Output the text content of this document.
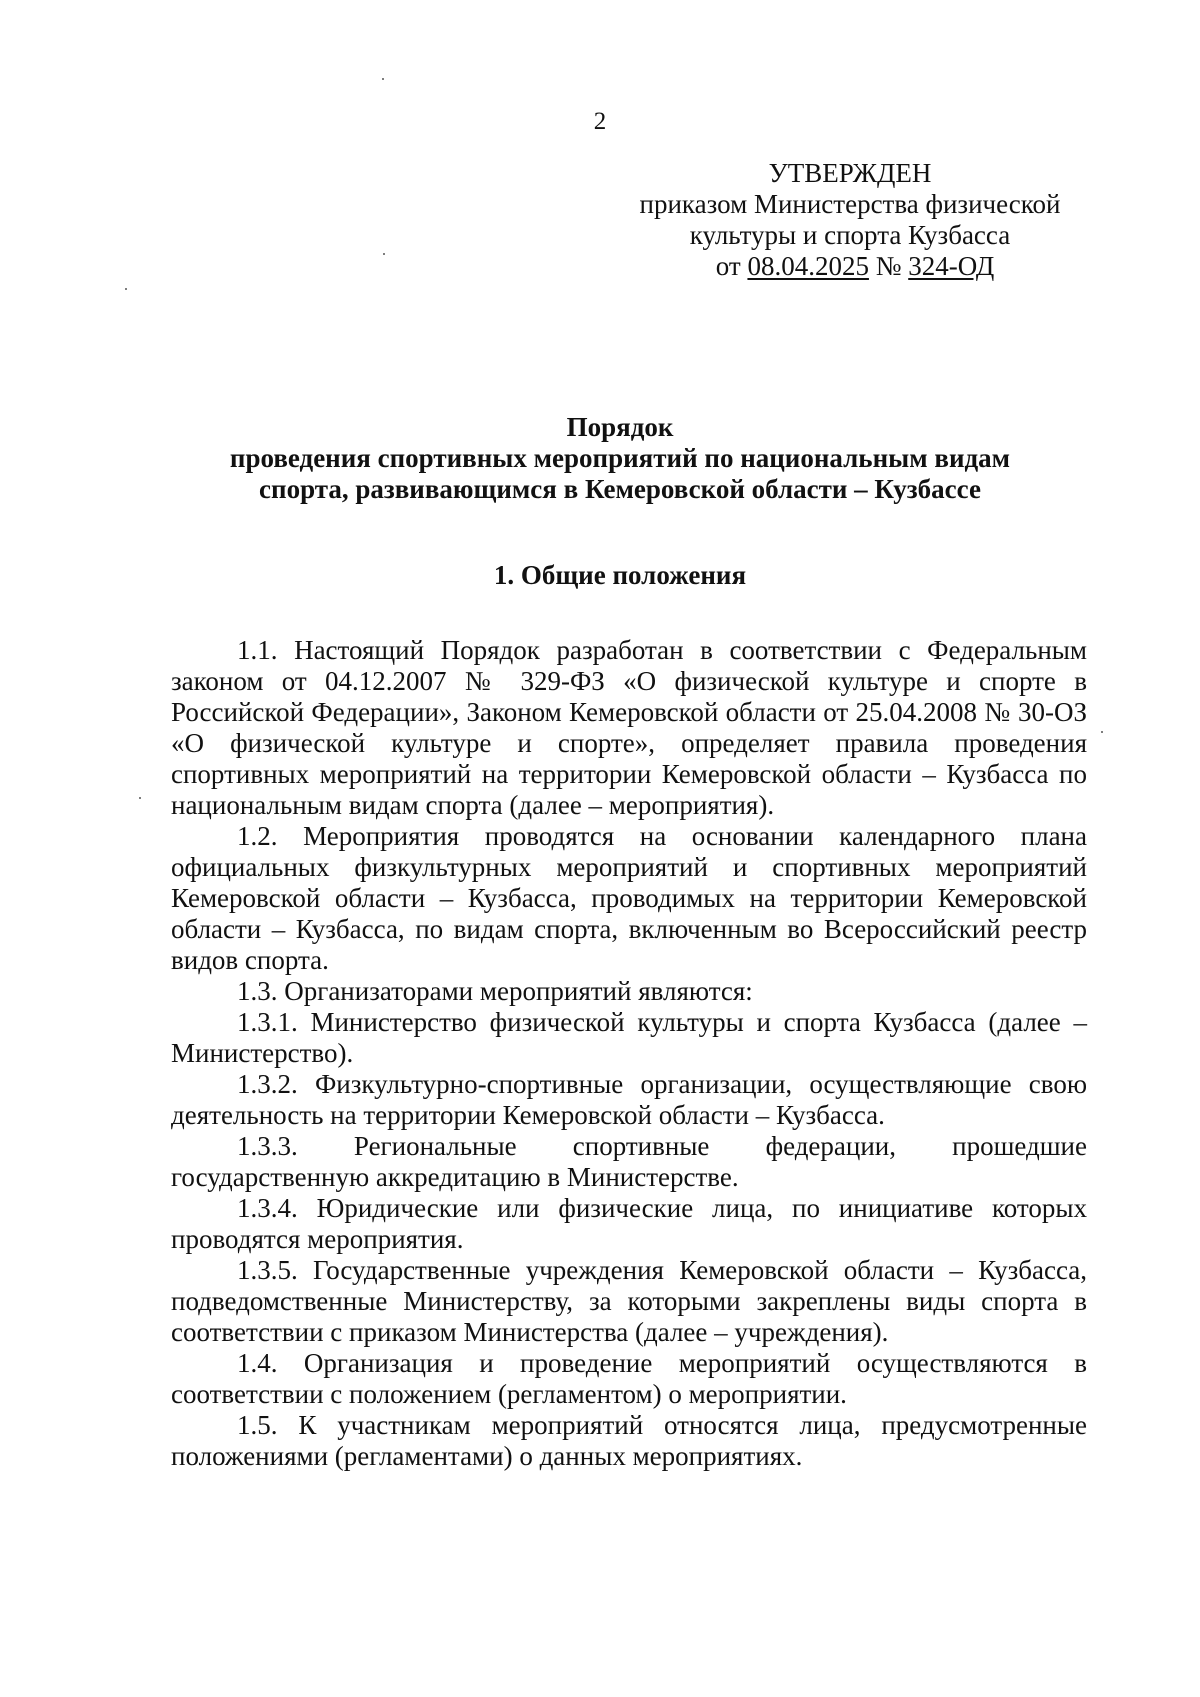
2
УТВЕРЖДЕН
приказом Министерства физической
культуры и спорта Кузбасса
от 08.04.2025 № 324-ОД
Порядок
проведения спортивных мероприятий по национальным видам
спорта, развивающимся в Кемеровской области – Кузбассе
1. Общие положения

1.1. Настоящий Порядок разработан в соответствии с Федеральным законом от 04.12.2007 № 329-ФЗ «О физической культуре и спорте в Российской Федерации», Законом Кемеровской области от 25.04.2008 № 30-ОЗ «О физической культуре и спорте», определяет правила проведения спортивных мероприятий на территории Кемеровской области – Кузбасса по национальным видам спорта (далее – мероприятия).

1.2. Мероприятия проводятся на основании календарного плана официальных физкультурных мероприятий и спортивных мероприятий Кемеровской области – Кузбасса, проводимых на территории Кемеровской области – Кузбасса, по видам спорта, включенным во Всероссийский реестр видов спорта.

1.3. Организаторами мероприятий являются:

1.3.1. Министерство физической культуры и спорта Кузбасса (далее – Министерство).

1.3.2. Физкультурно-спортивные организации, осуществляющие свою деятельность на территории Кемеровской области – Кузбасса.

1.3.3. Региональные спортивные федерации, прошедшие государственную аккредитацию в Министерстве.

1.3.4. Юридические или физические лица, по инициативе которых проводятся мероприятия.

1.3.5. Государственные учреждения Кемеровской области – Кузбасса, подведомственные Министерству, за которыми закреплены виды спорта в соответствии с приказом Министерства (далее – учреждения).

1.4. Организация и проведение мероприятий осуществляются в соответствии с положением (регламентом) о мероприятии.

1.5. К участникам мероприятий относятся лица, предусмотренные положениями (регламентами) о данных мероприятиях.
